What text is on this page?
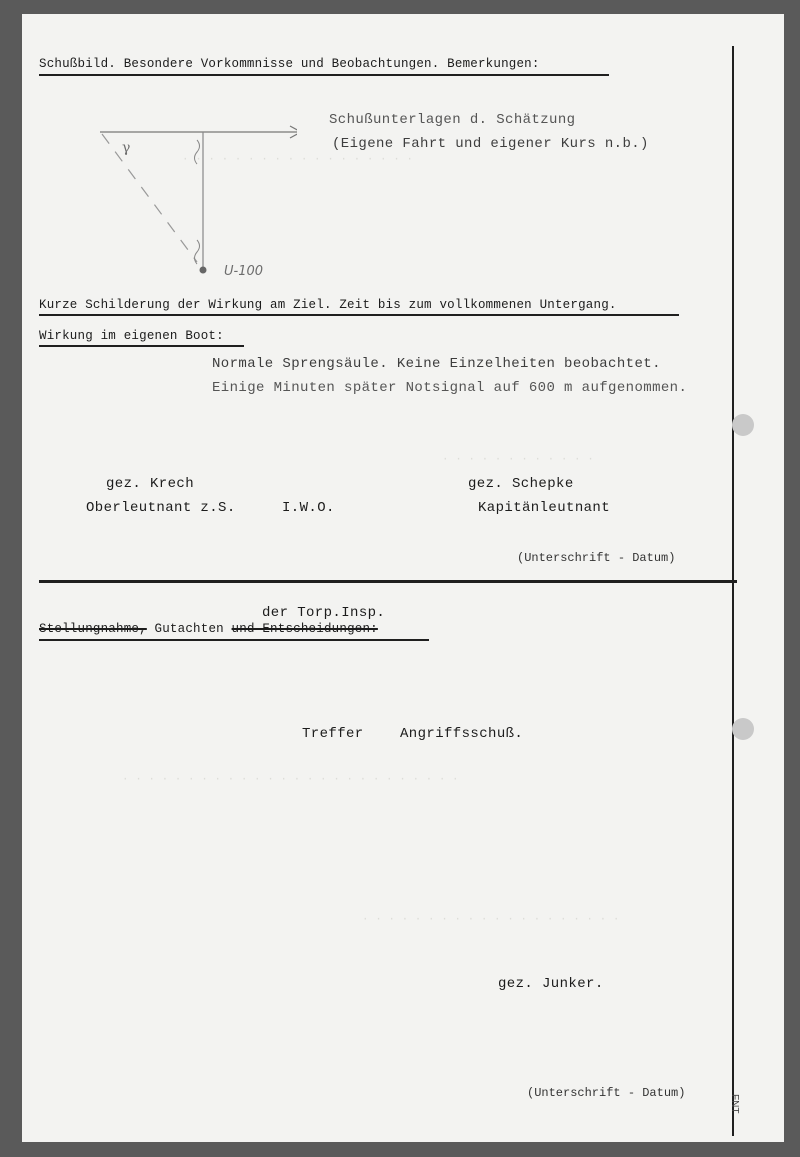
· · · · · · · · · · · · · · · · · ·
· · · · · · · · · · · ·
· · · · · · · · · · · · · · · · · · · · · · · · · ·
· · · · · · · · · · · · · · · · · · · ·
Schußbild. Besondere Vorkommnisse und Beobachtungen. Bemerkungen:
γ
U-100
Schußunterlagen d. Schätzung
(Eigene Fahrt und eigener Kurs n.b.)
Kurze Schilderung der Wirkung am Ziel. Zeit bis zum vollkommenen Untergang.
Wirkung im eigenen Boot:
Normale Sprengsäule. Keine Einzelheiten beobachtet.
Einige Minuten später Notsignal auf 600 m aufgenommen.
gez. Krech
Oberleutnant z.S.	I.W.O.
gez. Schepke
Kapitänleutnant
(Unterschrift - Datum)
der Torp.Insp.
Stellungnahme, Gutachten und Entscheidungen:
Treffer	Angriffsschuß.
gez. Junker.
(Unterschrift - Datum)
FNT
